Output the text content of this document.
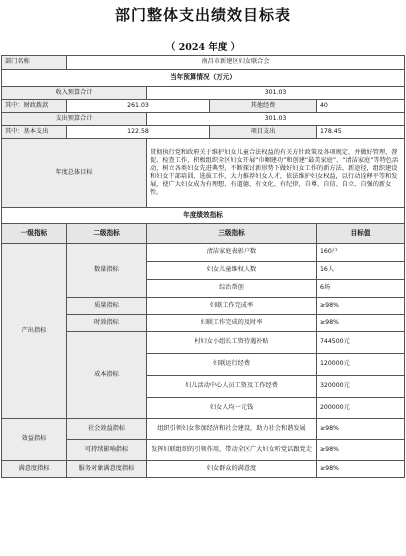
部门整体支出绩效目标表
（ 2024 年度 ）
部门名称	南昌市新建区妇女联合会			
当年预算情况（万元）				
收入预算合计		301.03		
其中：财政拨款	261.03		其他经费	40
支出预算合计		301.03		
其中：基本支出	122.58		项目支出	178.45
年度总体目标		贯彻执行党和政府关于维护妇女儿童合法权益的有关方针政策及各项规定，并做好管理、督促、检查工作，积极组织全区妇女开展“巾帼建功”和创建“最美家庭”、“清洁家庭”等特色活动，树立各类妇女先进典型，不断探讨新形势下做好妇女工作的新方法、新途径，组织建设和妇女干部培训、选拔工作，大力推荐妇女人才，依法维护妇女权益，以行动诠释平等和发展，使广大妇女成为有理想、有道德、有文化、有纪律，自尊、自信、自立、自强的新女性。		
年度绩效指标				
一级指标	二级指标	三级指标		目标值
产出指标	数量指标	清洁家庭表彰户数		160户
		妇女儿童维权人数		16人
		综治帮创		6场
	质量指标	妇联工作完成率		≥98%
	时效指标	妇联工作完成的及时率		≥98%
	成本指标	村妇女小组长工资待遇补贴		744500元
		妇联运行经费		120000元
		妇儿活动中心人员工资及工作经费		320000元
		妇女人均一元钱		200000元
效益指标	社会效益指标	组织引领妇女参加经济和社会建设，助力社会和谐发展		≥98%
	可持续影响指标	发挥妇联组织的引领作用，带动全区广大妇女听党话跟党走		≥98%
满意度指标	服务对象满意度指标	妇女群众的满意度		≥98%
